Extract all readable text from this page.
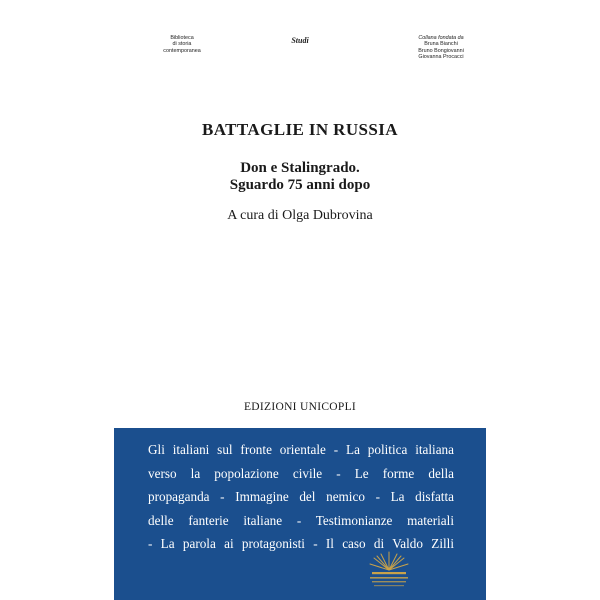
Biblioteca
di storia
contemporanea
Studi	Collana fondata da
Bruna Bianchi
Bruno Bongiovanni
Giovanna Procacci
BATTAGLIE IN RUSSIA
Don e Stalingrado.
Sguardo 75 anni dopo
A cura di Olga Dubrovina
EDIZIONI UNICOPLI
Gli italiani sul fronte orientale - La politica italiana
verso la popolazione civile - Le forme della
propaganda - Immagine del nemico - La disfatta
delle fanterie italiane - Testimonianze materiali
- La parola ai protagonisti - Il caso di Valdo Zilli
